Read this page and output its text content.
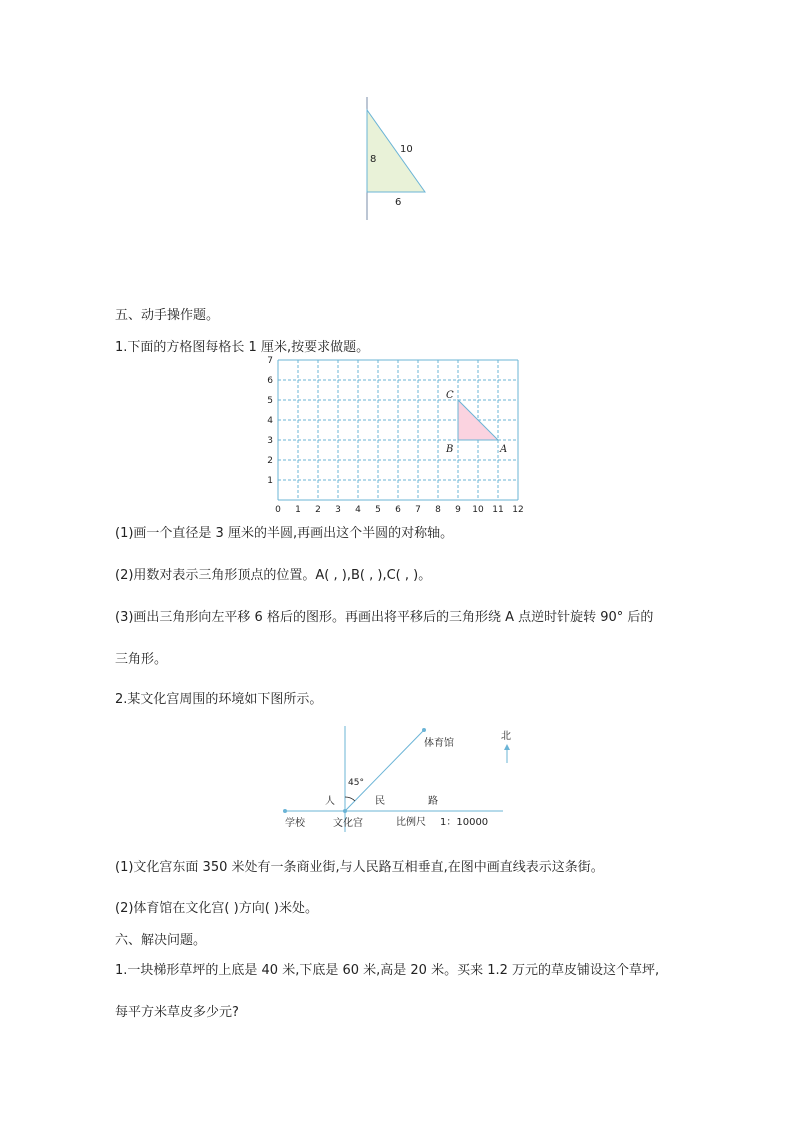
8
10
6
五、动手操作题。
1.下面的方格图每格长 1 厘米,按要求做题。
A
B
C
0 1 2 3 4 5 6 7 8 9 10 11 12
1
2
3
4
5
6
7
(1)画一个直径是 3 厘米的半圆,再画出这个半圆的对称轴。
(2)用数对表示三角形顶点的位置。A( , ),B( , ),C( , )。
(3)画出三角形向左平移 6 格后的图形。再画出将平移后的三角形绕 A 点逆时针旋转 90° 后的
三角形。
2.某文化宫周围的环境如下图所示。
45°
体育馆
北
人	民	路
学校	文化宫	比例尺 1：10000
(1)文化宫东面 350 米处有一条商业街,与人民路互相垂直,在图中画直线表示这条街。
(2)体育馆在文化宫( )方向( )米处。
六、解决问题。
1.一块梯形草坪的上底是 40 米,下底是 60 米,高是 20 米。买来 1.2 万元的草皮铺设这个草坪,
每平方米草皮多少元?
